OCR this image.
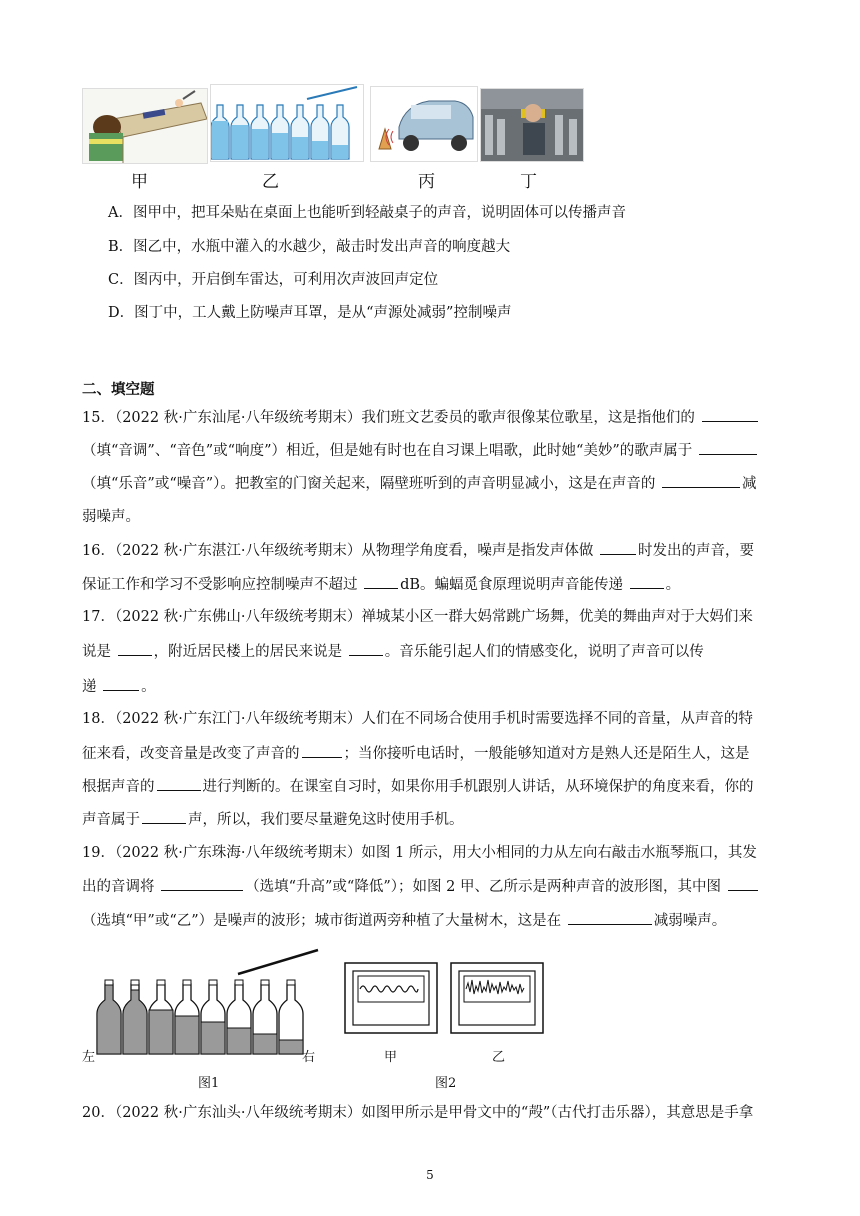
甲	乙	丙	丁
A．图甲中，把耳朵贴在桌面上也能听到轻敲桌子的声音，说明固体可以传播声音
B．图乙中，水瓶中灌入的水越少，敲击时发出声音的响度越大
C．图丙中，开启倒车雷达，可利用次声波回声定位
D．图丁中，工人戴上防噪声耳罩，是从“声源处减弱”控制噪声
二、填空题
15．（2022 秋·广东汕尾·八年级统考期末）我们班文艺委员的歌声很像某位歌星，这是指他们的
（填“音调”、“音色”或“响度”）相近，但是她有时也在自习课上唱歌，此时她“美妙”的歌声属于
（填“乐音”或“噪音”）。把教室的门窗关起来，隔壁班听到的声音明显减小，这是在声音的	减
弱噪声。
16．（2022 秋·广东湛江·八年级统考期末）从物理学角度看，噪声是指发声体做	时发出的声音，要
保证工作和学习不受影响应控制噪声不超过	dB。蝙蝠觅食原理说明声音能传递	。
17．（2022 秋·广东佛山·八年级统考期末）禅城某小区一群大妈常跳广场舞，优美的舞曲声对于大妈们来
说是	，附近居民楼上的居民来说是	。音乐能引起人们的情感变化，说明了声音可以传
递	。
18．（2022 秋·广东江门·八年级统考期末）人们在不同场合使用手机时需要选择不同的音量，从声音的特
征来看，改变音量是改变了声音的	；当你接听电话时，一般能够知道对方是熟人还是陌生人，这是
根据声音的	进行判断的。在课室自习时，如果你用手机跟别人讲话，从环境保护的角度来看，你的
声音属于	声，所以，我们要尽量避免这时使用手机。
19．（2022 秋·广东珠海·八年级统考期末）如图 1 所示，用大小相同的力从左向右敲击水瓶琴瓶口，其发
出的音调将	（选填“升高”或“降低”）；如图 2 甲、乙所示是两种声音的波形图，其中图
（选填“甲”或“乙”）是噪声的波形；城市街道两旁种植了大量树木，这是在	减弱噪声。
左	右
图1
甲	乙
图2
20．（2022 秋·广东汕头·八年级统考期末）如图甲所示是甲骨文中的“殸”（古代打击乐器），其意思是手拿
5
